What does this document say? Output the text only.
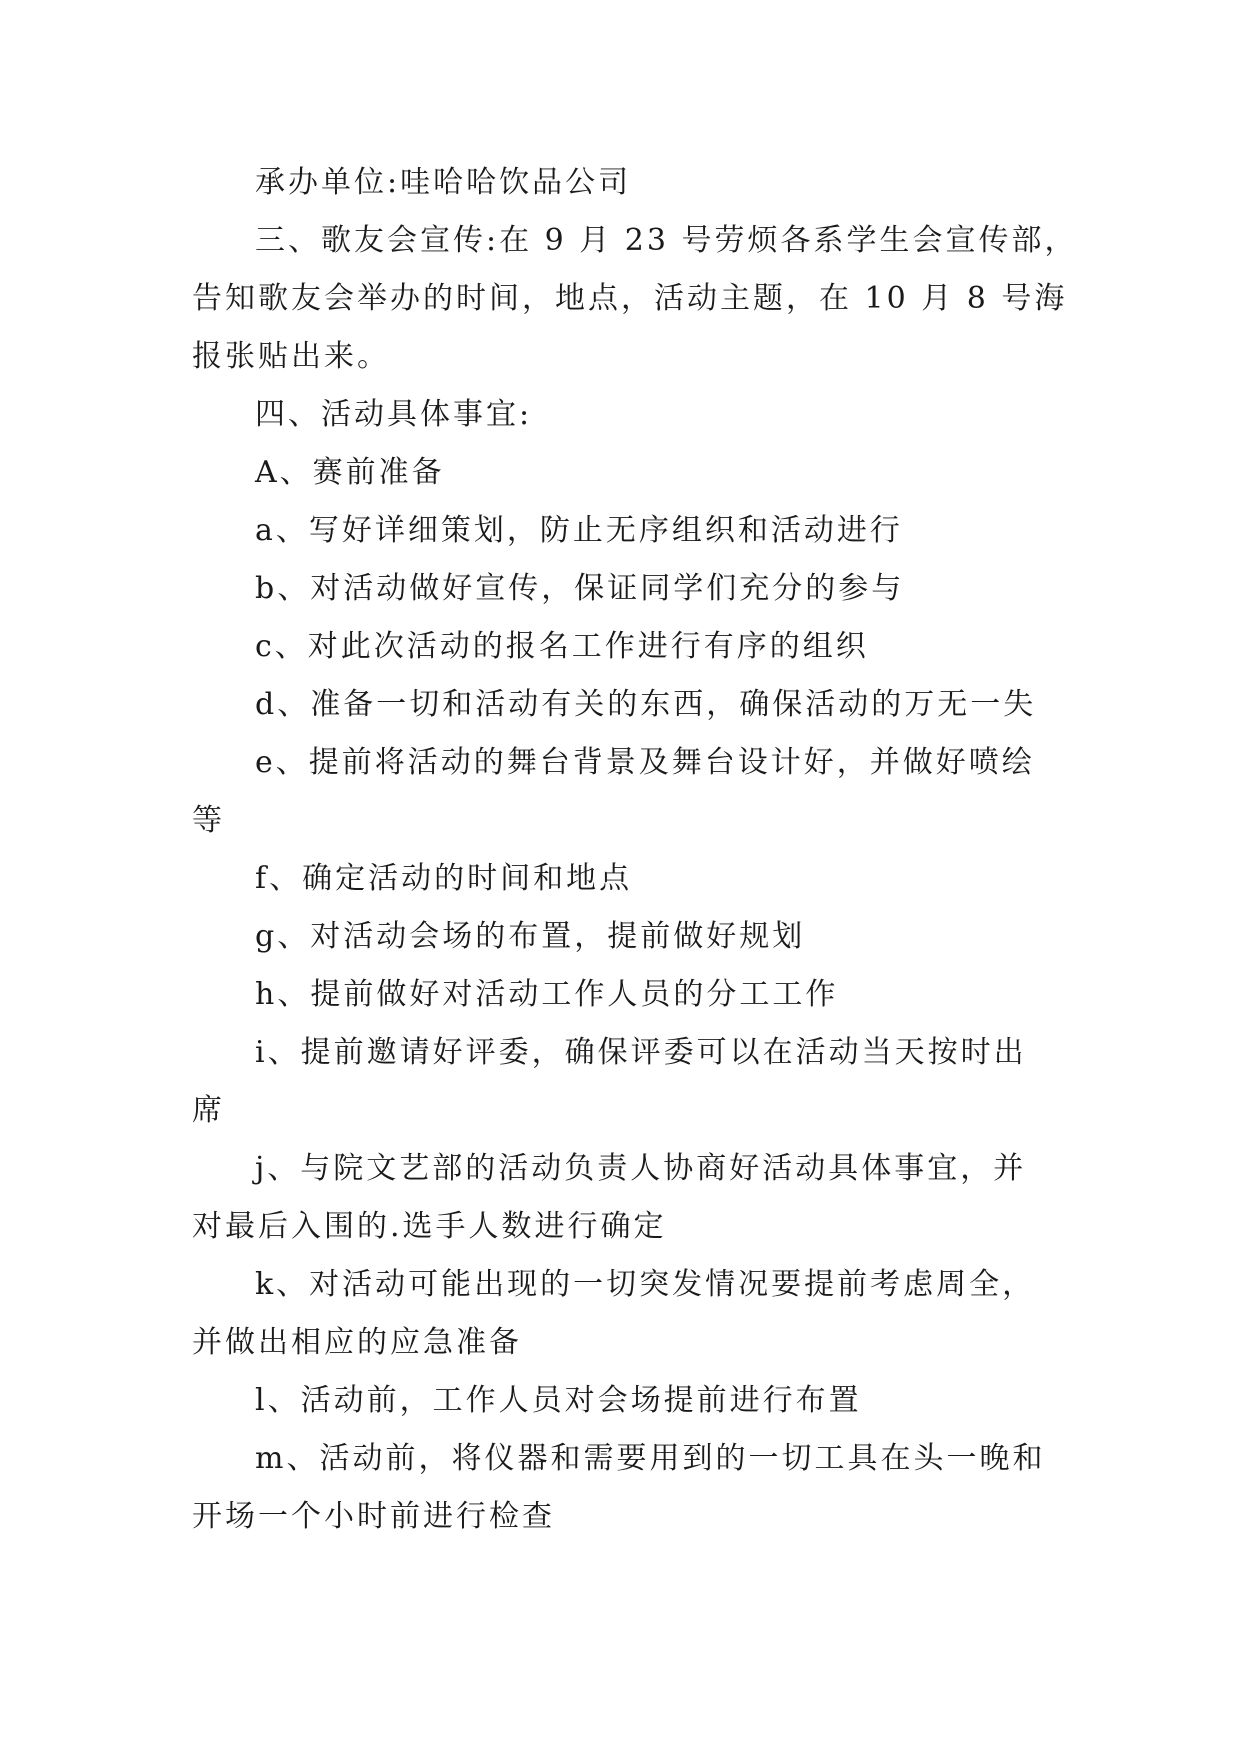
承办单位:哇哈哈饮品公司
三、歌友会宣传:在 9 月 23 号劳烦各系学生会宣传部，
告知歌友会举办的时间，地点，活动主题，在 10 月 8 号海
报张贴出来。
四、活动具体事宜:
A、赛前准备
a、写好详细策划，防止无序组织和活动进行
b、对活动做好宣传，保证同学们充分的参与
c、对此次活动的报名工作进行有序的组织
d、准备一切和活动有关的东西，确保活动的万无一失
e、提前将活动的舞台背景及舞台设计好，并做好喷绘
等
f、确定活动的时间和地点
g、对活动会场的布置，提前做好规划
h、提前做好对活动工作人员的分工工作
i、提前邀请好评委，确保评委可以在活动当天按时出
席
j、与院文艺部的活动负责人协商好活动具体事宜，并
对最后入围的.选手人数进行确定
k、对活动可能出现的一切突发情况要提前考虑周全，
并做出相应的应急准备
l、活动前，工作人员对会场提前进行布置
m、活动前，将仪器和需要用到的一切工具在头一晚和
开场一个小时前进行检查
